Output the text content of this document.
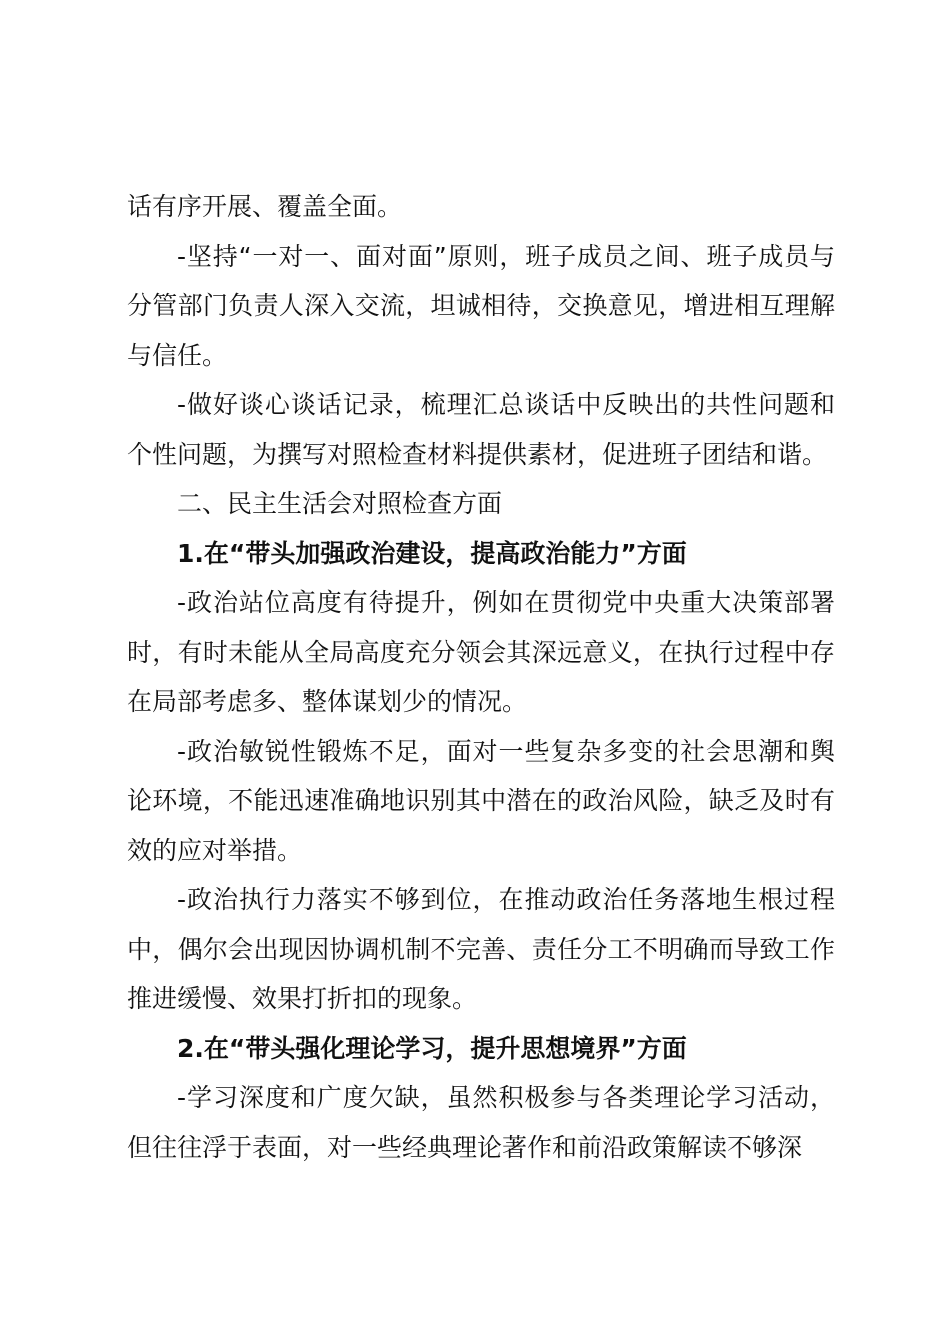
话有序开展、覆盖全面。

-坚持“一对一、面对面”原则，班子成员之间、班子成员与分管部门负责人深入交流，坦诚相待，交换意见，增进相互理解与信任。

-做好谈心谈话记录，梳理汇总谈话中反映出的共性问题和个性问题，为撰写对照检查材料提供素材，促进班子团结和谐。

二、民主生活会对照检查方面

1.在“带头加强政治建设，提高政治能力”方面

-政治站位高度有待提升，例如在贯彻党中央重大决策部署时，有时未能从全局高度充分领会其深远意义，在执行过程中存在局部考虑多、整体谋划少的情况。

-政治敏锐性锻炼不足，面对一些复杂多变的社会思潮和舆论环境，不能迅速准确地识别其中潜在的政治风险，缺乏及时有效的应对举措。

-政治执行力落实不够到位，在推动政治任务落地生根过程中，偶尔会出现因协调机制不完善、责任分工不明确而导致工作推进缓慢、效果打折扣的现象。

2.在“带头强化理论学习，提升思想境界”方面

-学习深度和广度欠缺，虽然积极参与各类理论学习活动，但往往浮于表面，对一些经典理论著作和前沿政策解读不够深
